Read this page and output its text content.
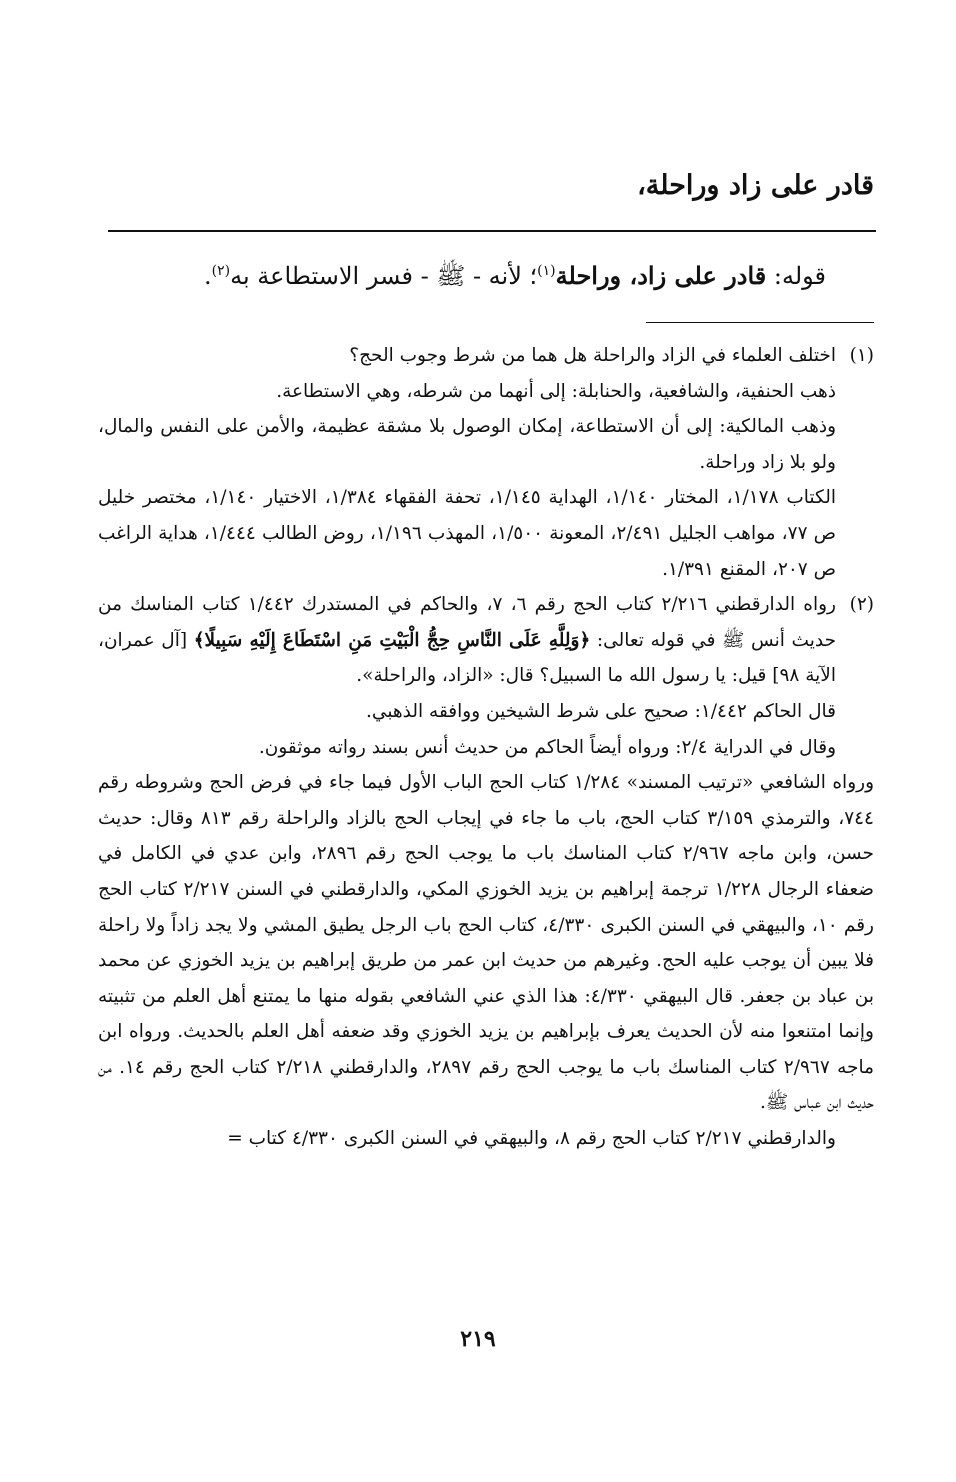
قادر على زاد وراحلة،
قوله: قادر على زاد، وراحلة$^{(١)}$؛ لأنه - ﷺ - فسر الاستطاعة به$^{(٢)}$.
(١)

اختلف العلماء في الزاد والراحلة هل هما من شرط وجوب الحج؟

ذهب الحنفية، والشافعية، والحنابلة: إلى أنهما من شرطه، وهي الاستطاعة.

وذهب المالكية: إلى أن الاستطاعة، إمكان الوصول بلا مشقة عظيمة، والأمن على النفس والمال، ولو بلا زاد وراحلة.

الكتاب ١/١٧٨، المختار ١/١٤٠، الهداية ١/١٤٥، تحفة الفقهاء ١/٣٨٤، الاختيار ١/١٤٠، مختصر خليل ص ٧٧، مواهب الجليل ٢/٤٩١، المعونة ١/٥٠٠، المهذب ١/١٩٦، روض الطالب ١/٤٤٤، هداية الراغب ص ٢٠٧، المقنع ١/٣٩١.

(٢)

رواه الدارقطني ٢/٢١٦ كتاب الحج رقم ٦، ٧، والحاكم في المستدرك ١/٤٤٢ كتاب المناسك من حديث أنس ﷺ في قوله تعالى: ﴿وَلِلَّهِ عَلَى النَّاسِ حِجُّ الْبَيْتِ مَنِ اسْتَطَاعَ إِلَيْهِ سَبِيلًا﴾ [آل عمران، الآية ٩٨] قيل: يا رسول الله ما السبيل؟ قال: «الزاد، والراحلة».

قال الحاكم ١/٤٤٢: صحيح على شرط الشيخين ووافقه الذهبي.

وقال في الدراية ٢/٤: ورواه أيضاً الحاكم من حديث أنس بسند رواته موثقون.

ورواه الشافعي «ترتيب المسند» ١/٢٨٤ كتاب الحج الباب الأول فيما جاء في فرض الحج وشروطه رقم ٧٤٤، والترمذي ٣/١٥٩ كتاب الحج، باب ما جاء في إيجاب الحج بالزاد والراحلة رقم ٨١٣ وقال: حديث حسن، وابن ماجه ٢/٩٦٧ كتاب المناسك باب ما يوجب الحج رقم ٢٨٩٦، وابن عدي في الكامل في ضعفاء الرجال ١/٢٢٨ ترجمة إبراهيم بن يزيد الخوزي المكي، والدارقطني في السنن ٢/٢١٧ كتاب الحج رقم ١٠، والبيهقي في السنن الكبرى ٤/٣٣٠، كتاب الحج باب الرجل يطيق المشي ولا يجد زاداً ولا راحلة فلا يبين أن يوجب عليه الحج. وغيرهم من حديث ابن عمر من طريق إبراهيم بن يزيد الخوزي عن محمد بن عباد بن جعفر. قال البيهقي ٤/٣٣٠: هذا الذي عني الشافعي بقوله منها ما يمتنع أهل العلم من تثبيته وإنما امتنعوا منه لأن الحديث يعرف بإبراهيم بن يزيد الخوزي وقد ضعفه أهل العلم بالحديث. ورواه ابن ماجه ٢/٩٦٧ كتاب المناسك باب ما يوجب الحج رقم ٢٨٩٧، والدارقطني ٢/٢١٨ كتاب الحج رقم ١٤. من حديث ابن عباس ﷺ.

والدارقطني ٢/٢١٧ كتاب الحج رقم ٨، والبيهقي في السنن الكبرى ٤/٣٣٠ كتاب =

٢١٩
